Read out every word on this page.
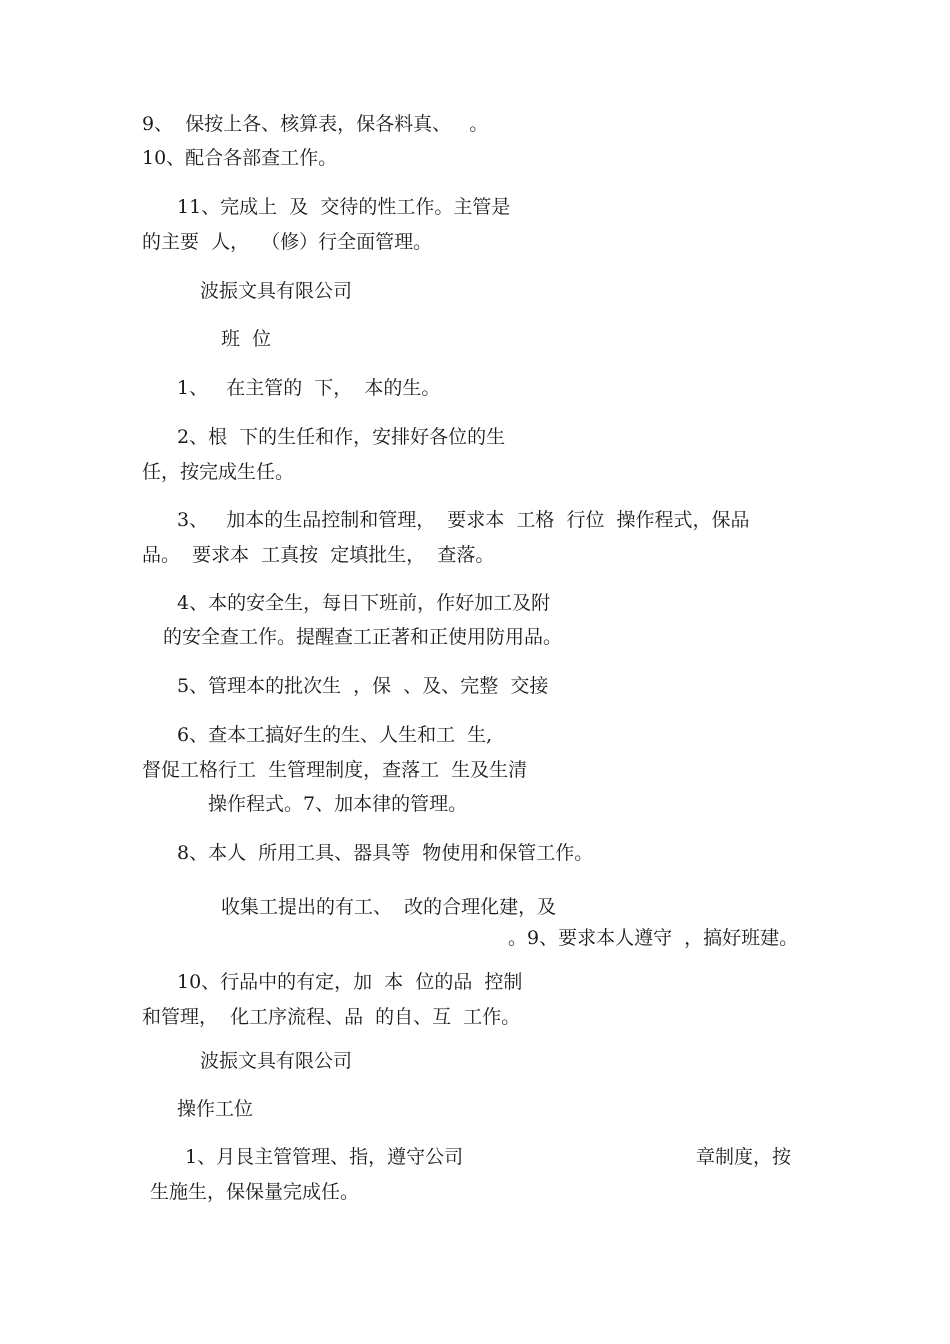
9、  保按上各、核算表，保各料真、   。

10、配合各部查工作。

11、完成上  及  交待的性工作。主管是

的主要  人，  （修）行全面管理。

波振文具有限公司

班  位

1、   在主管的  下，  本的生。

2、根  下的生任和作，安排好各位的生

任，按完成生任。

3、   加本的生品控制和管理，  要求本  工格  行位  操作程式，保品

品。  要求本  工真按  定填批生，  查落。

4、本的安全生，每日下班前，作好加工及附

的安全查工作。提醒查工正著和正使用防用品。

5、管理本的批次生  ，保  、及、完整  交接

6、查本工搞好生的生、人生和工  生,

督促工格行工  生管理制度，查落工  生及生清

操作程式。7、加本律的管理。

8、本人  所用工具、器具等  物使用和保管工作。

收集工提出的有工、  改的合理化建，及

。9、要求本人遵守  ，搞好班建。

10、行品中的有定，加  本  位的品  控制

和管理，  化工序流程、品  的自、互  工作。

波振文具有限公司

操作工位

1、月艮主管管理、指，遵守公司	章制度，按

生施生，保保量完成任。
